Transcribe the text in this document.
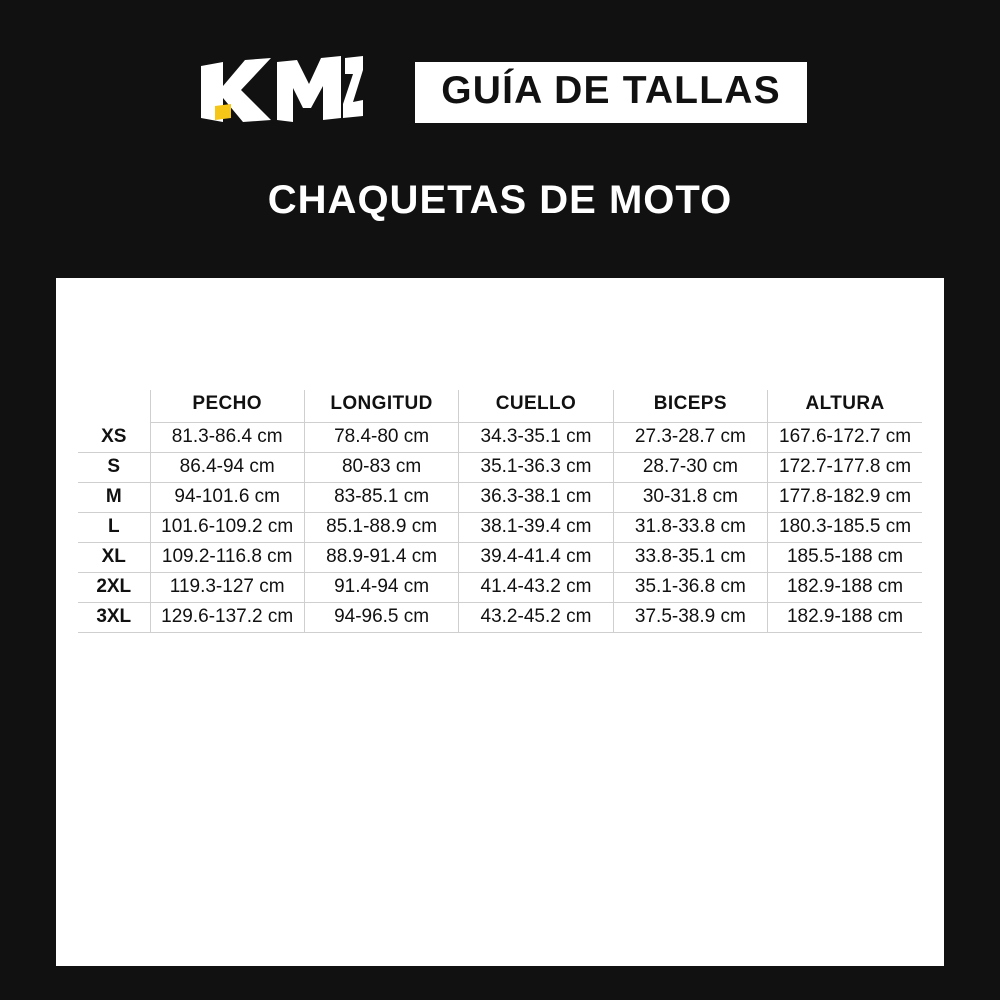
GUÍA DE TALLAS
CHAQUETAS DE MOTO
	PECHO	LONGITUD	CUELLO	BICEPS	ALTURA
XS	81.3-86.4 cm	78.4-80 cm	34.3-35.1 cm	27.3-28.7 cm	167.6-172.7 cm
S	86.4-94 cm	80-83 cm	35.1-36.3 cm	28.7-30 cm	172.7-177.8 cm
M	94-101.6 cm	83-85.1 cm	36.3-38.1 cm	30-31.8 cm	177.8-182.9 cm
L	101.6-109.2 cm	85.1-88.9 cm	38.1-39.4 cm	31.8-33.8 cm	180.3-185.5 cm
XL	109.2-116.8 cm	88.9-91.4 cm	39.4-41.4 cm	33.8-35.1 cm	185.5-188 cm
2XL	119.3-127 cm	91.4-94 cm	41.4-43.2 cm	35.1-36.8 cm	182.9-188 cm
3XL	129.6-137.2 cm	94-96.5 cm	43.2-45.2 cm	37.5-38.9 cm	182.9-188 cm
